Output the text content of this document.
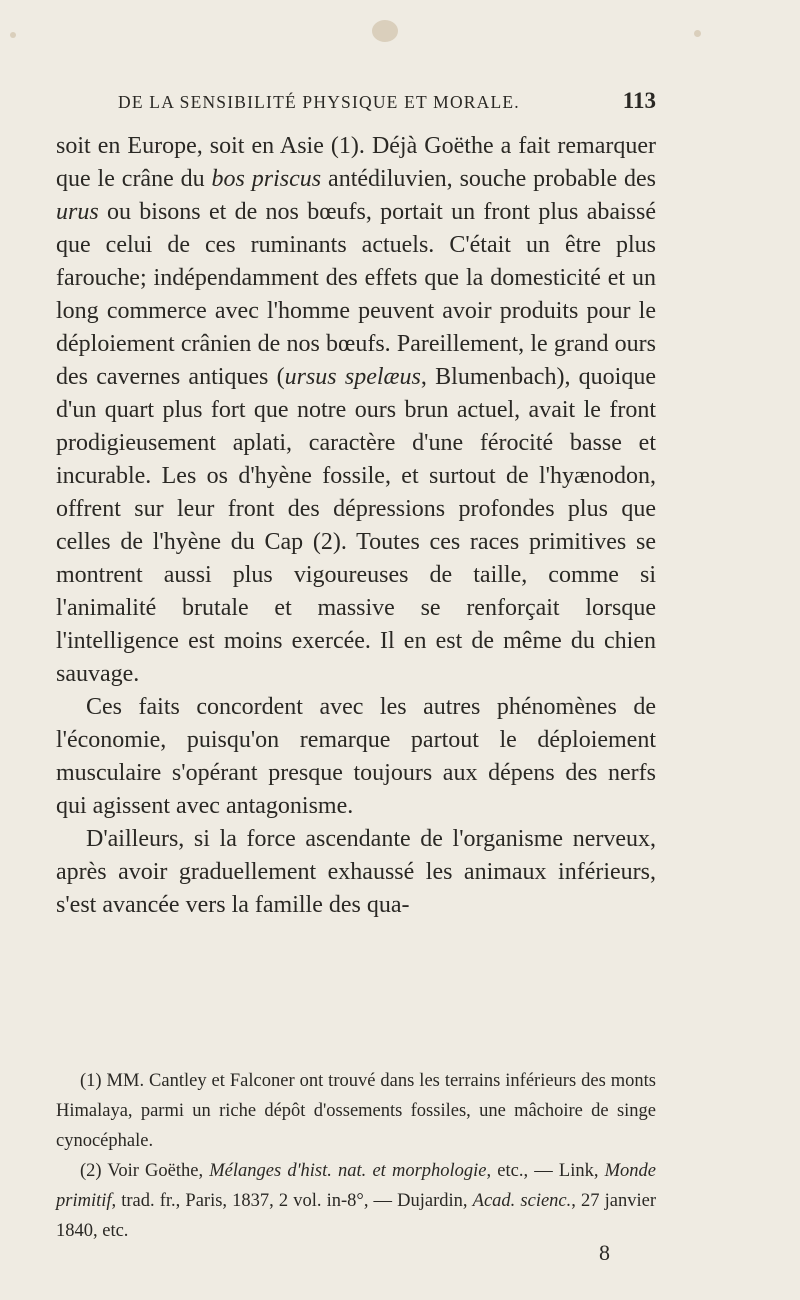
DE LA SENSIBILITÉ PHYSIQUE ET MORALE.	113

soit en Europe, soit en Asie (1). Déjà Goëthe a fait remarquer que le crâne du bos priscus antédiluvien, souche probable des urus ou bisons et de nos bœufs, portait un front plus abaissé que celui de ces ruminants actuels. C'était un être plus farouche; indépendamment des effets que la domesticité et un long commerce avec l'homme peuvent avoir produits pour le déploiement crânien de nos bœufs. Pareillement, le grand ours des cavernes antiques (ursus spelæus, Blumenbach), quoique d'un quart plus fort que notre ours brun actuel, avait le front prodigieusement aplati, caractère d'une férocité basse et incurable. Les os d'hyène fossile, et surtout de l'hyænodon, offrent sur leur front des dépressions profondes plus que celles de l'hyène du Cap (2). Toutes ces races primitives se montrent aussi plus vigoureuses de taille, comme si l'animalité brutale et massive se renforçait lorsque l'intelligence est moins exercée. Il en est de même du chien sauvage.

Ces faits concordent avec les autres phénomènes de l'économie, puisqu'on remarque partout le déploiement musculaire s'opérant presque toujours aux dépens des nerfs qui agissent avec antagonisme.

D'ailleurs, si la force ascendante de l'organisme nerveux, après avoir graduellement exhaussé les animaux inférieurs, s'est avancée vers la famille des qua-

(1) MM. Cantley et Falconer ont trouvé dans les terrains inférieurs des monts Himalaya, parmi un riche dépôt d'ossements fossiles, une mâchoire de singe cynocéphale.

(2) Voir Goëthe, Mélanges d'hist. nat. et morphologie, etc., — Link, Monde primitif, trad. fr., Paris, 1837, 2 vol. in-8°, — Dujardin, Acad. scienc., 27 janvier 1840, etc.

8
